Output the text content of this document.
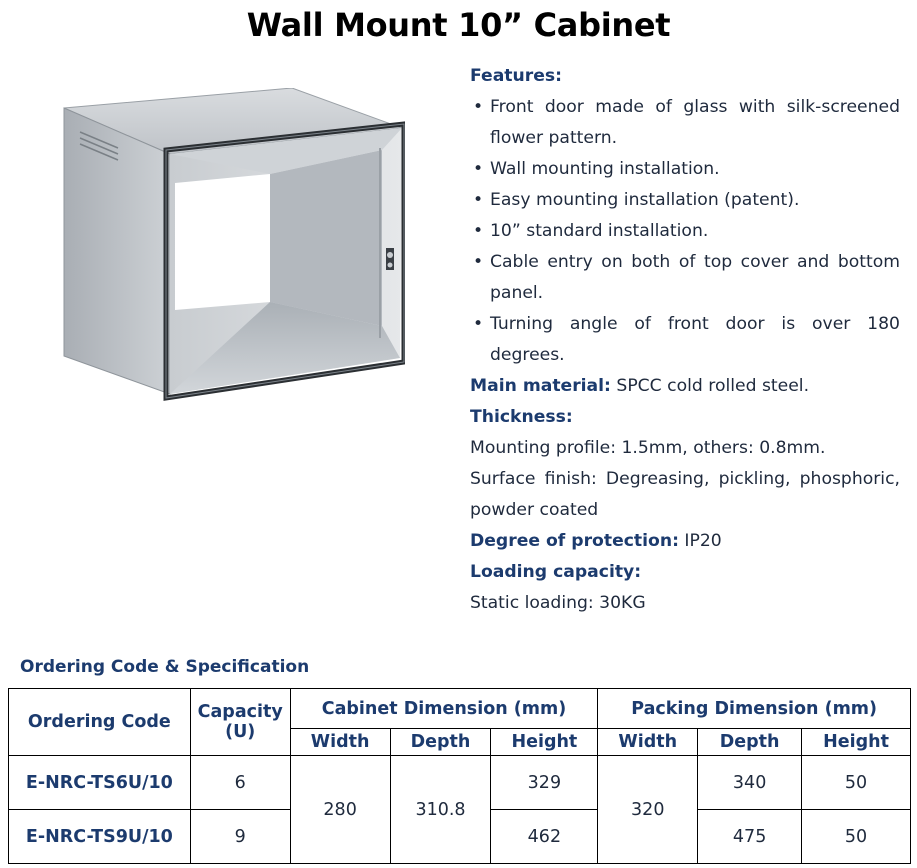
Wall Mount 10” Cabinet
Features:
• Front door made of glass with silk-screened flower pattern.
• Wall mounting installation.
• Easy mounting installation (patent).
• 10” standard installation.
• Cable entry on both of top cover and bottom panel.
• Turning angle of front door is over 180 degrees.
Main material: SPCC cold rolled steel.
Thickness:
Mounting profile: 1.5mm, others: 0.8mm.
Surface finish: Degreasing, pickling, phosphoric, powder coated
Degree of protection: IP20
Loading capacity:
Static loading: 30KG
Ordering Code & Specification
Ordering Code	Capacity (U)	Cabinet Dimension (mm)			Packing Dimension (mm)		
		Width	Depth	Height	Width	Depth	Height
E-NRC-TS6U/10	6	280	310.8	329	320	340	50
E-NRC-TS9U/10	9			462		475	50
